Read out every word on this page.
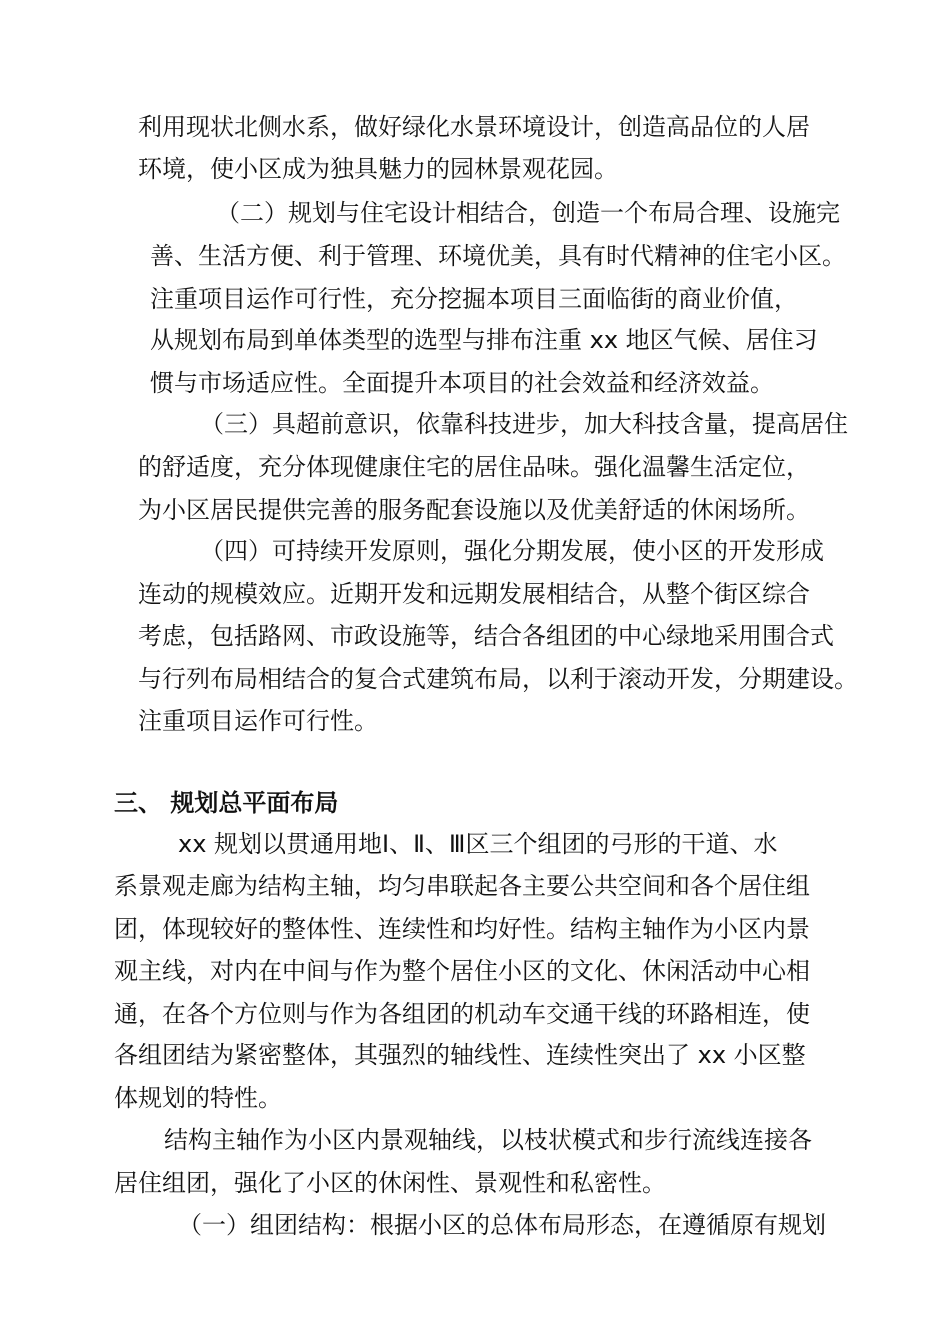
利用现状北侧水系，做好绿化水景环境设计，创造高品位的人居
环境，使小区成为独具魅力的园林景观花园。
（二）规划与住宅设计相结合，创造一个布局合理、设施完
善、生活方便、利于管理、环境优美，具有时代精神的住宅小区。
注重项目运作可行性，充分挖掘本项目三面临街的商业价值，
从规划布局到单体类型的选型与排布注重 xx 地区气候、居住习
惯与市场适应性。全面提升本项目的社会效益和经济效益。
（三）具超前意识，依靠科技进步，加大科技含量，提高居住
的舒适度，充分体现健康住宅的居住品味。强化温馨生活定位，
为小区居民提供完善的服务配套设施以及优美舒适的休闲场所。
（四）可持续开发原则，强化分期发展，使小区的开发形成
连动的规模效应。近期开发和远期发展相结合，从整个街区综合
考虑，包括路网、市政设施等，结合各组团的中心绿地采用围合式
与行列布局相结合的复合式建筑布局，以利于滚动开发，分期建设。
注重项目运作可行性。
三、 规划总平面布局
xx 规划以贯通用地Ⅰ、Ⅱ、Ⅲ区三个组团的弓形的干道、水
系景观走廊为结构主轴，均匀串联起各主要公共空间和各个居住组
团，体现较好的整体性、连续性和均好性。结构主轴作为小区内景
观主线，对内在中间与作为整个居住小区的文化、休闲活动中心相
通，在各个方位则与作为各组团的机动车交通干线的环路相连，使
各组团结为紧密整体，其强烈的轴线性、连续性突出了 xx 小区整
体规划的特性。
结构主轴作为小区内景观轴线，以枝状模式和步行流线连接各
居住组团，强化了小区的休闲性、景观性和私密性。
（一）组团结构：根据小区的总体布局形态，在遵循原有规划
